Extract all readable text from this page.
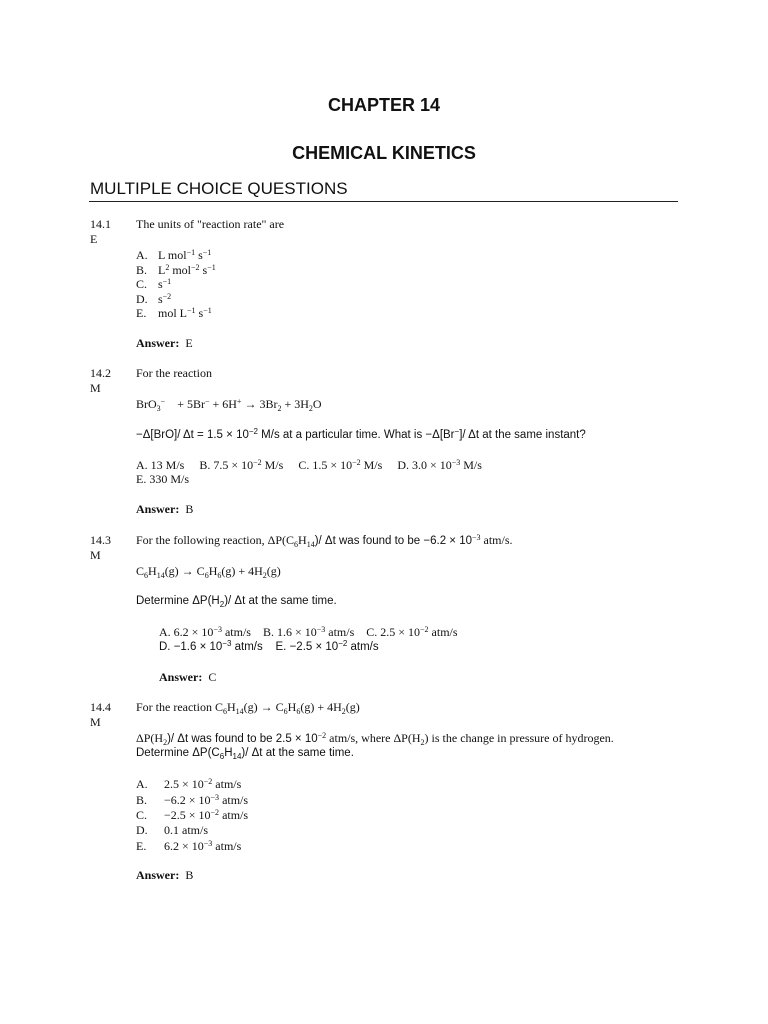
CHAPTER 14
CHEMICAL KINETICS
MULTIPLE CHOICE QUESTIONS
14.1
E
The units of "reaction rate" are
A. L mol$^{-1}$ $s^{-1}$
B. $L^2$ mol$^{-2}$ $s^{-1}$
C. $s^{-1}$
D. $s^{-2}$
E. mol $L^{-1}$ $s^{-1}$
Answer: E
14.2
M
For the reaction
BrO$_3$−    + $5Br^- + 6H^+ \to 3Br_2 + 3H_2O$
−Δ[BrO]/ $\Delta t = 1.5 \times 10^{-2}$ M/s at a particular time. What is −Δ[Br−]/ Δt at the same instant?
A. 13 M/s B. $7.5 \times 10^{-2}$ M/s C. $1.5 \times 10^{-2}$ M/s D. $3.0 \times 10^{-3}$ M/s
E. 330 M/s
Answer: B
14.3
M
For the following reaction, $\Delta P(C_6H_{14})/$ Δt was found to be $-6.2 \times 10^{-3}$ atm/s.
$C_6H_{14}(g) \to C_6H_6(g) + 4H_2(g)$
Determine $\Delta P(H_2)/$ Δt at the same time.
A. $6.2 \times 10^{-3}$ atm/s B. $1.6 \times 10^{-3}$ atm/s C. $2.5 \times 10^{-2}$ atm/s
D. $-1.6 \times 10^{-3}$ atm/s E. $-2.5 \times 10^{-2}$ atm/s
Answer: C
14.4
M
For the reaction $C_6H_{14}(g) \to C_6H_6(g) + 4H_2(g)$
$\Delta P(H_2)/$ Δt was found to be $2.5 \times 10^{-2}$ atm/s, where $\Delta P(H_2)$ is the change in pressure of hydrogen.
Determine $\Delta P(C_6H_{14})/$ Δt at the same time.
A. $2.5 \times 10^{-2}$ atm/s
B. $-6.2 \times 10^{-3}$ atm/s
C. $-2.5 \times 10^{-2}$ atm/s
D. 0.1 atm/s
E. $6.2 \times 10^{-3}$ atm/s
Answer: B
